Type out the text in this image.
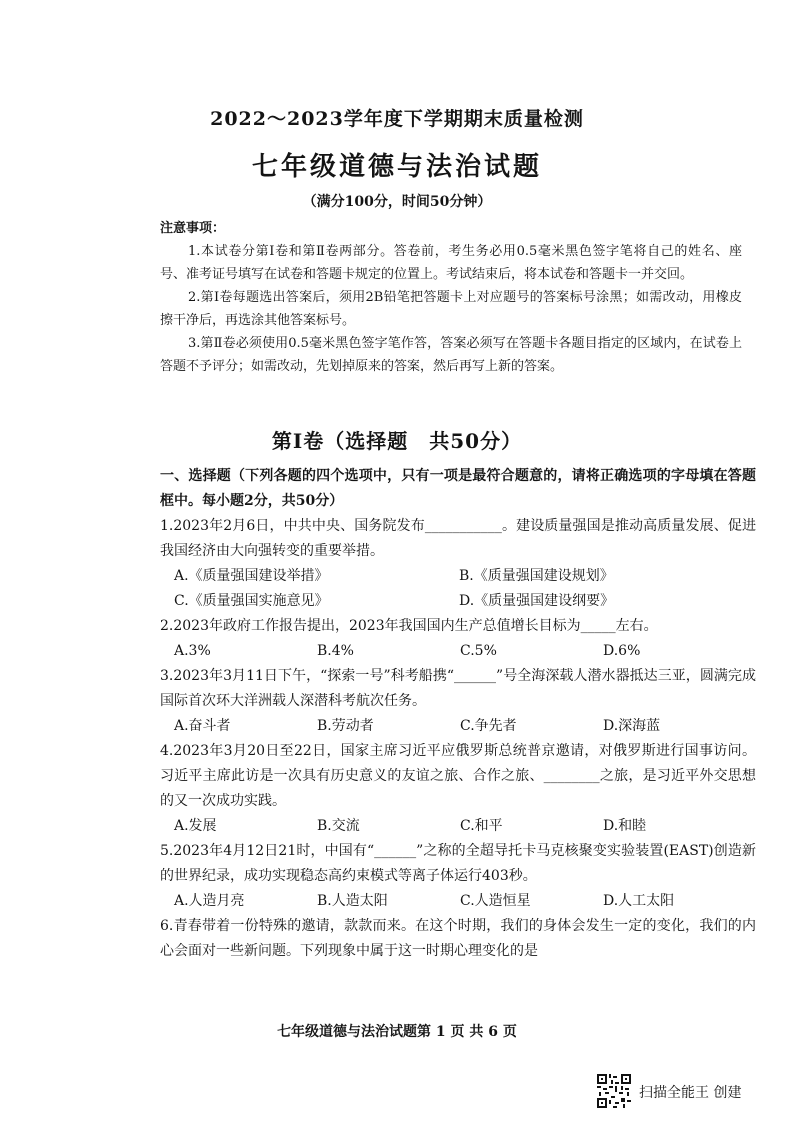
2022～2023学年度下学期期末质量检测
七年级道德与法治试题
（满分100分，时间50分钟）
注意事项：

1.本试卷分第Ⅰ卷和第Ⅱ卷两部分。答卷前，考生务必用0.5毫米黑色签字笔将自己的姓名、座号、准考证号填写在试卷和答题卡规定的位置上。考试结束后，将本试卷和答题卡一并交回。

2.第Ⅰ卷每题选出答案后，须用2B铅笔把答题卡上对应题号的答案标号涂黑；如需改动，用橡皮擦干净后，再选涂其他答案标号。

3.第Ⅱ卷必须使用0.5毫米黑色签字笔作答，答案必须写在答题卡各题目指定的区域内，在试卷上答题不予评分；如需改动，先划掉原来的答案，然后再写上新的答案。

第Ⅰ卷（选择题　共50分）

一、选择题（下列各题的四个选项中，只有一项是最符合题意的，请将正确选项的字母填在答题框中。每小题2分，共50分）

1.2023年2月6日，中共中央、国务院发布___________。建设质量强国是推动高质量发展、促进我国经济由大向强转变的重要举措。

A.《质量强国建设举措》	B.《质量强国建设规划》
C.《质量强国实施意见》	D.《质量强国建设纲要》

2.2023年政府工作报告提出，2023年我国国内生产总值增长目标为_____左右。

A.3%	B.4%	C.5%	D.6%

3.2023年3月11日下午，“探索一号”科考船携“______”号全海深载人潜水器抵达三亚，圆满完成国际首次环大洋洲载人深潜科考航次任务。

A.奋斗者	B.劳动者	C.争先者	D.深海蓝

4.2023年3月20日至22日，国家主席习近平应俄罗斯总统普京邀请，对俄罗斯进行国事访问。习近平主席此访是一次具有历史意义的友谊之旅、合作之旅、________之旅，是习近平外交思想的又一次成功实践。

A.发展	B.交流	C.和平	D.和睦

5.2023年4月12日21时，中国有“______”之称的全超导托卡马克核聚变实验装置(EAST)创造新的世界纪录，成功实现稳态高约束模式等离子体运行403秒。

A.人造月亮	B.人造太阳	C.人造恒星	D.人工太阳

6.青春带着一份特殊的邀请，款款而来。在这个时期，我们的身体会发生一定的变化，我们的内心会面对一些新问题。下列现象中属于这一时期心理变化的是

七年级道德与法治试题第 1 页 共 6 页
扫描全能王 创建
